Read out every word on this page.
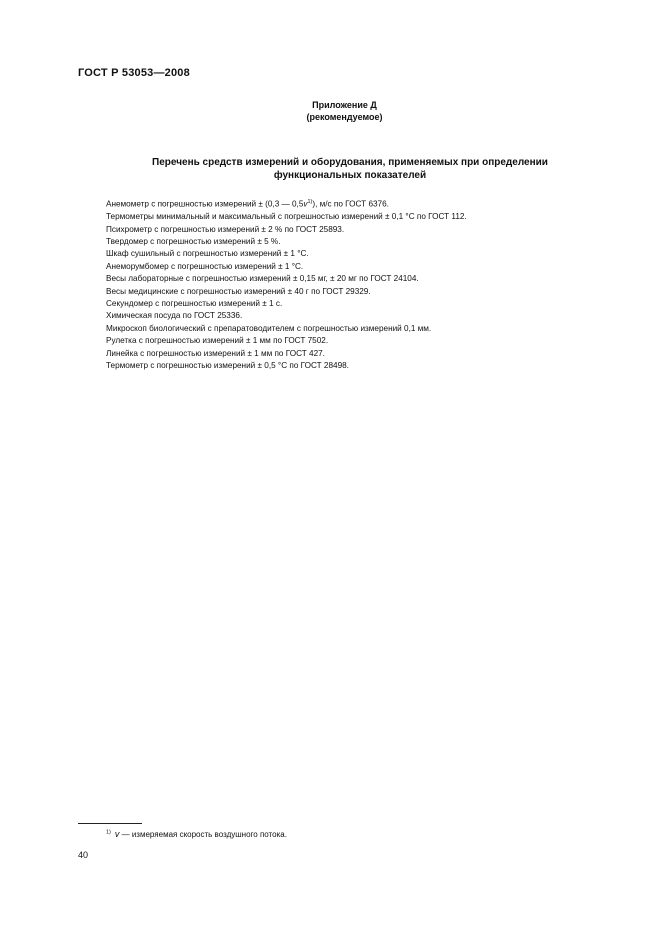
ГОСТ Р 53053—2008
Приложение Д
(рекомендуемое)
Перечень средств измерений и оборудования, применяемых при определении
функциональных показателей
Анемометр с погрешностью измерений ± (0,3 — 0,5v$^{1)}$), м/с по ГОСТ 6376.
Термометры минимальный и максимальный с погрешностью измерений ± 0,1 °С по ГОСТ 112.
Психрометр с погрешностью измерений ± 2 % по ГОСТ 25893.
Твердомер с погрешностью измерений ± 5 %.
Шкаф сушильный с погрешностью измерений ± 1 °С.
Анеморумбомер с погрешностью измерений ± 1 °С.
Весы лабораторные с погрешностью измерений ± 0,15 мг, ± 20 мг по ГОСТ 24104.
Весы медицинские с погрешностью измерений ± 40 г по ГОСТ 29329.
Секундомер с погрешностью измерений ± 1 с.
Химическая посуда по ГОСТ 25336.
Микроскоп биологический с препаратоводителем с погрешностью измерений 0,1 мм.
Рулетка с погрешностью измерений ± 1 мм по ГОСТ 7502.
Линейка с погрешностью измерений ± 1 мм по ГОСТ 427.
Термометр с погрешностью измерений ± 0,5 °С по ГОСТ 28498.
$^{1)}$ v — измеряемая скорость воздушного потока.
40
